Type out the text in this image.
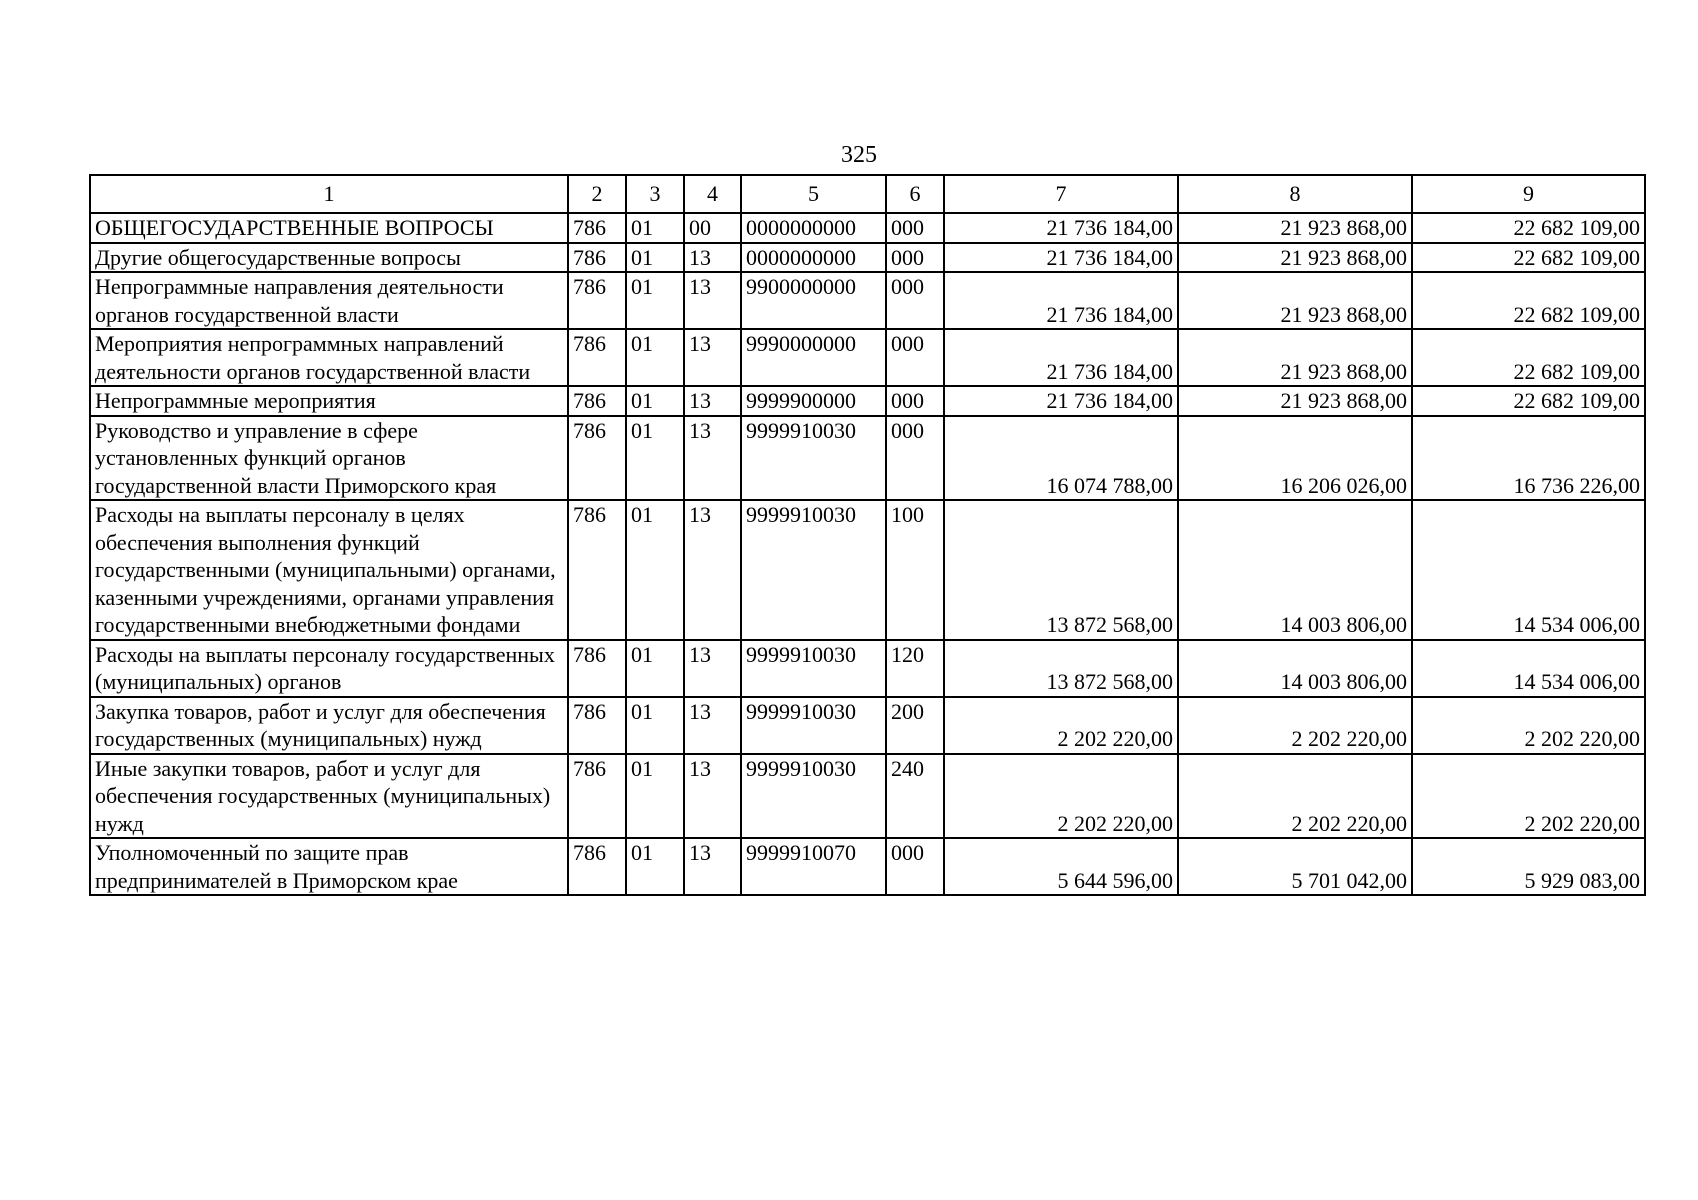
325
1	2	3	4	5	6	7	8	9
ОБЩЕГОСУДАРСТВЕННЫЕ ВОПРОСЫ	786	01	00	0000000000	000	21 736 184,00	21 923 868,00	22 682 109,00
Другие общегосударственные вопросы	786	01	13	0000000000	000	21 736 184,00	21 923 868,00	22 682 109,00
Непрограммные направления деятельности органов государственной власти	786	01	13	9900000000	000	21 736 184,00	21 923 868,00	22 682 109,00
Мероприятия непрограммных направлений деятельности органов государственной власти	786	01	13	9990000000	000	21 736 184,00	21 923 868,00	22 682 109,00
Непрограммные мероприятия	786	01	13	9999900000	000	21 736 184,00	21 923 868,00	22 682 109,00
Руководство и управление в сфере установленных функций органов государственной власти Приморского края	786	01	13	9999910030	000	16 074 788,00	16 206 026,00	16 736 226,00
Расходы на выплаты персоналу в целях обеспечения выполнения функций государственными (муниципальными) органами, казенными учреждениями, органами управления государственными внебюджетными фондами	786	01	13	9999910030	100	13 872 568,00	14 003 806,00	14 534 006,00
Расходы на выплаты персоналу государственных (муниципальных) органов	786	01	13	9999910030	120	13 872 568,00	14 003 806,00	14 534 006,00
Закупка товаров, работ и услуг для обеспечения государственных (муниципальных) нужд	786	01	13	9999910030	200	2 202 220,00	2 202 220,00	2 202 220,00
Иные закупки товаров, работ и услуг для обеспечения государственных (муниципальных) нужд	786	01	13	9999910030	240	2 202 220,00	2 202 220,00	2 202 220,00
Уполномоченный по защите прав предпринимателей в Приморском крае	786	01	13	9999910070	000	5 644 596,00	5 701 042,00	5 929 083,00
